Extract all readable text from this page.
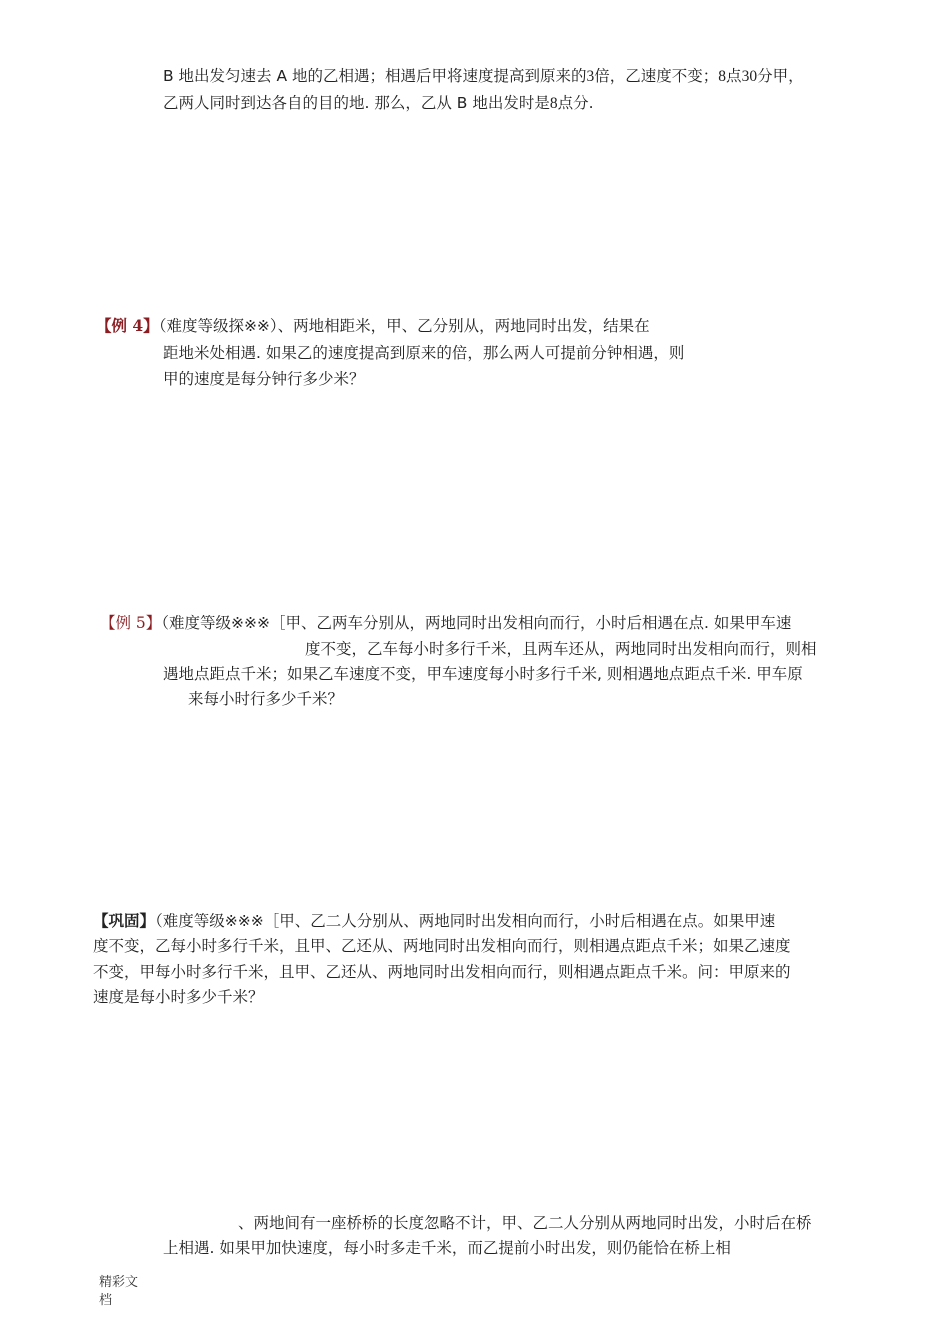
B 地出发匀速去 A 地的乙相遇；相遇后甲将速度提高到原来的3倍，乙速度不变；8点30分甲，
乙两人同时到达各自的目的地. 那么，乙从 B 地出发时是8点分.
【例 4】（难度等级探※※）、两地相距米，甲、乙分别从，两地同时出发，结果在
距地米处相遇. 如果乙的速度提高到原来的倍，那么两人可提前分钟相遇，则
甲的速度是每分钟行多少米？
【例 5】（难度等级※※※［甲、乙两车分别从，两地同时出发相向而行，小时后相遇在点. 如果甲车速
度不变，乙车每小时多行千米，且两车还从，两地同时出发相向而行，则相
遇地点距点千米；如果乙车速度不变，甲车速度每小时多行千米, 则相遇地点距点千米. 甲车原
来每小时行多少千米？
【巩固】（难度等级※※※［甲、乙二人分别从、两地同时出发相向而行，小时后相遇在点。如果甲速
度不变，乙每小时多行千米，且甲、乙还从、两地同时出发相向而行，则相遇点距点千米；如果乙速度
不变，甲每小时多行千米，且甲、乙还从、两地同时出发相向而行，则相遇点距点千米。问：甲原来的
速度是每小时多少千米？
、两地间有一座桥桥的长度忽略不计，甲、乙二人分别从两地同时出发，小时后在桥
上相遇. 如果甲加快速度，每小时多走千米，而乙提前小时出发，则仍能恰在桥上相
精彩文
档
